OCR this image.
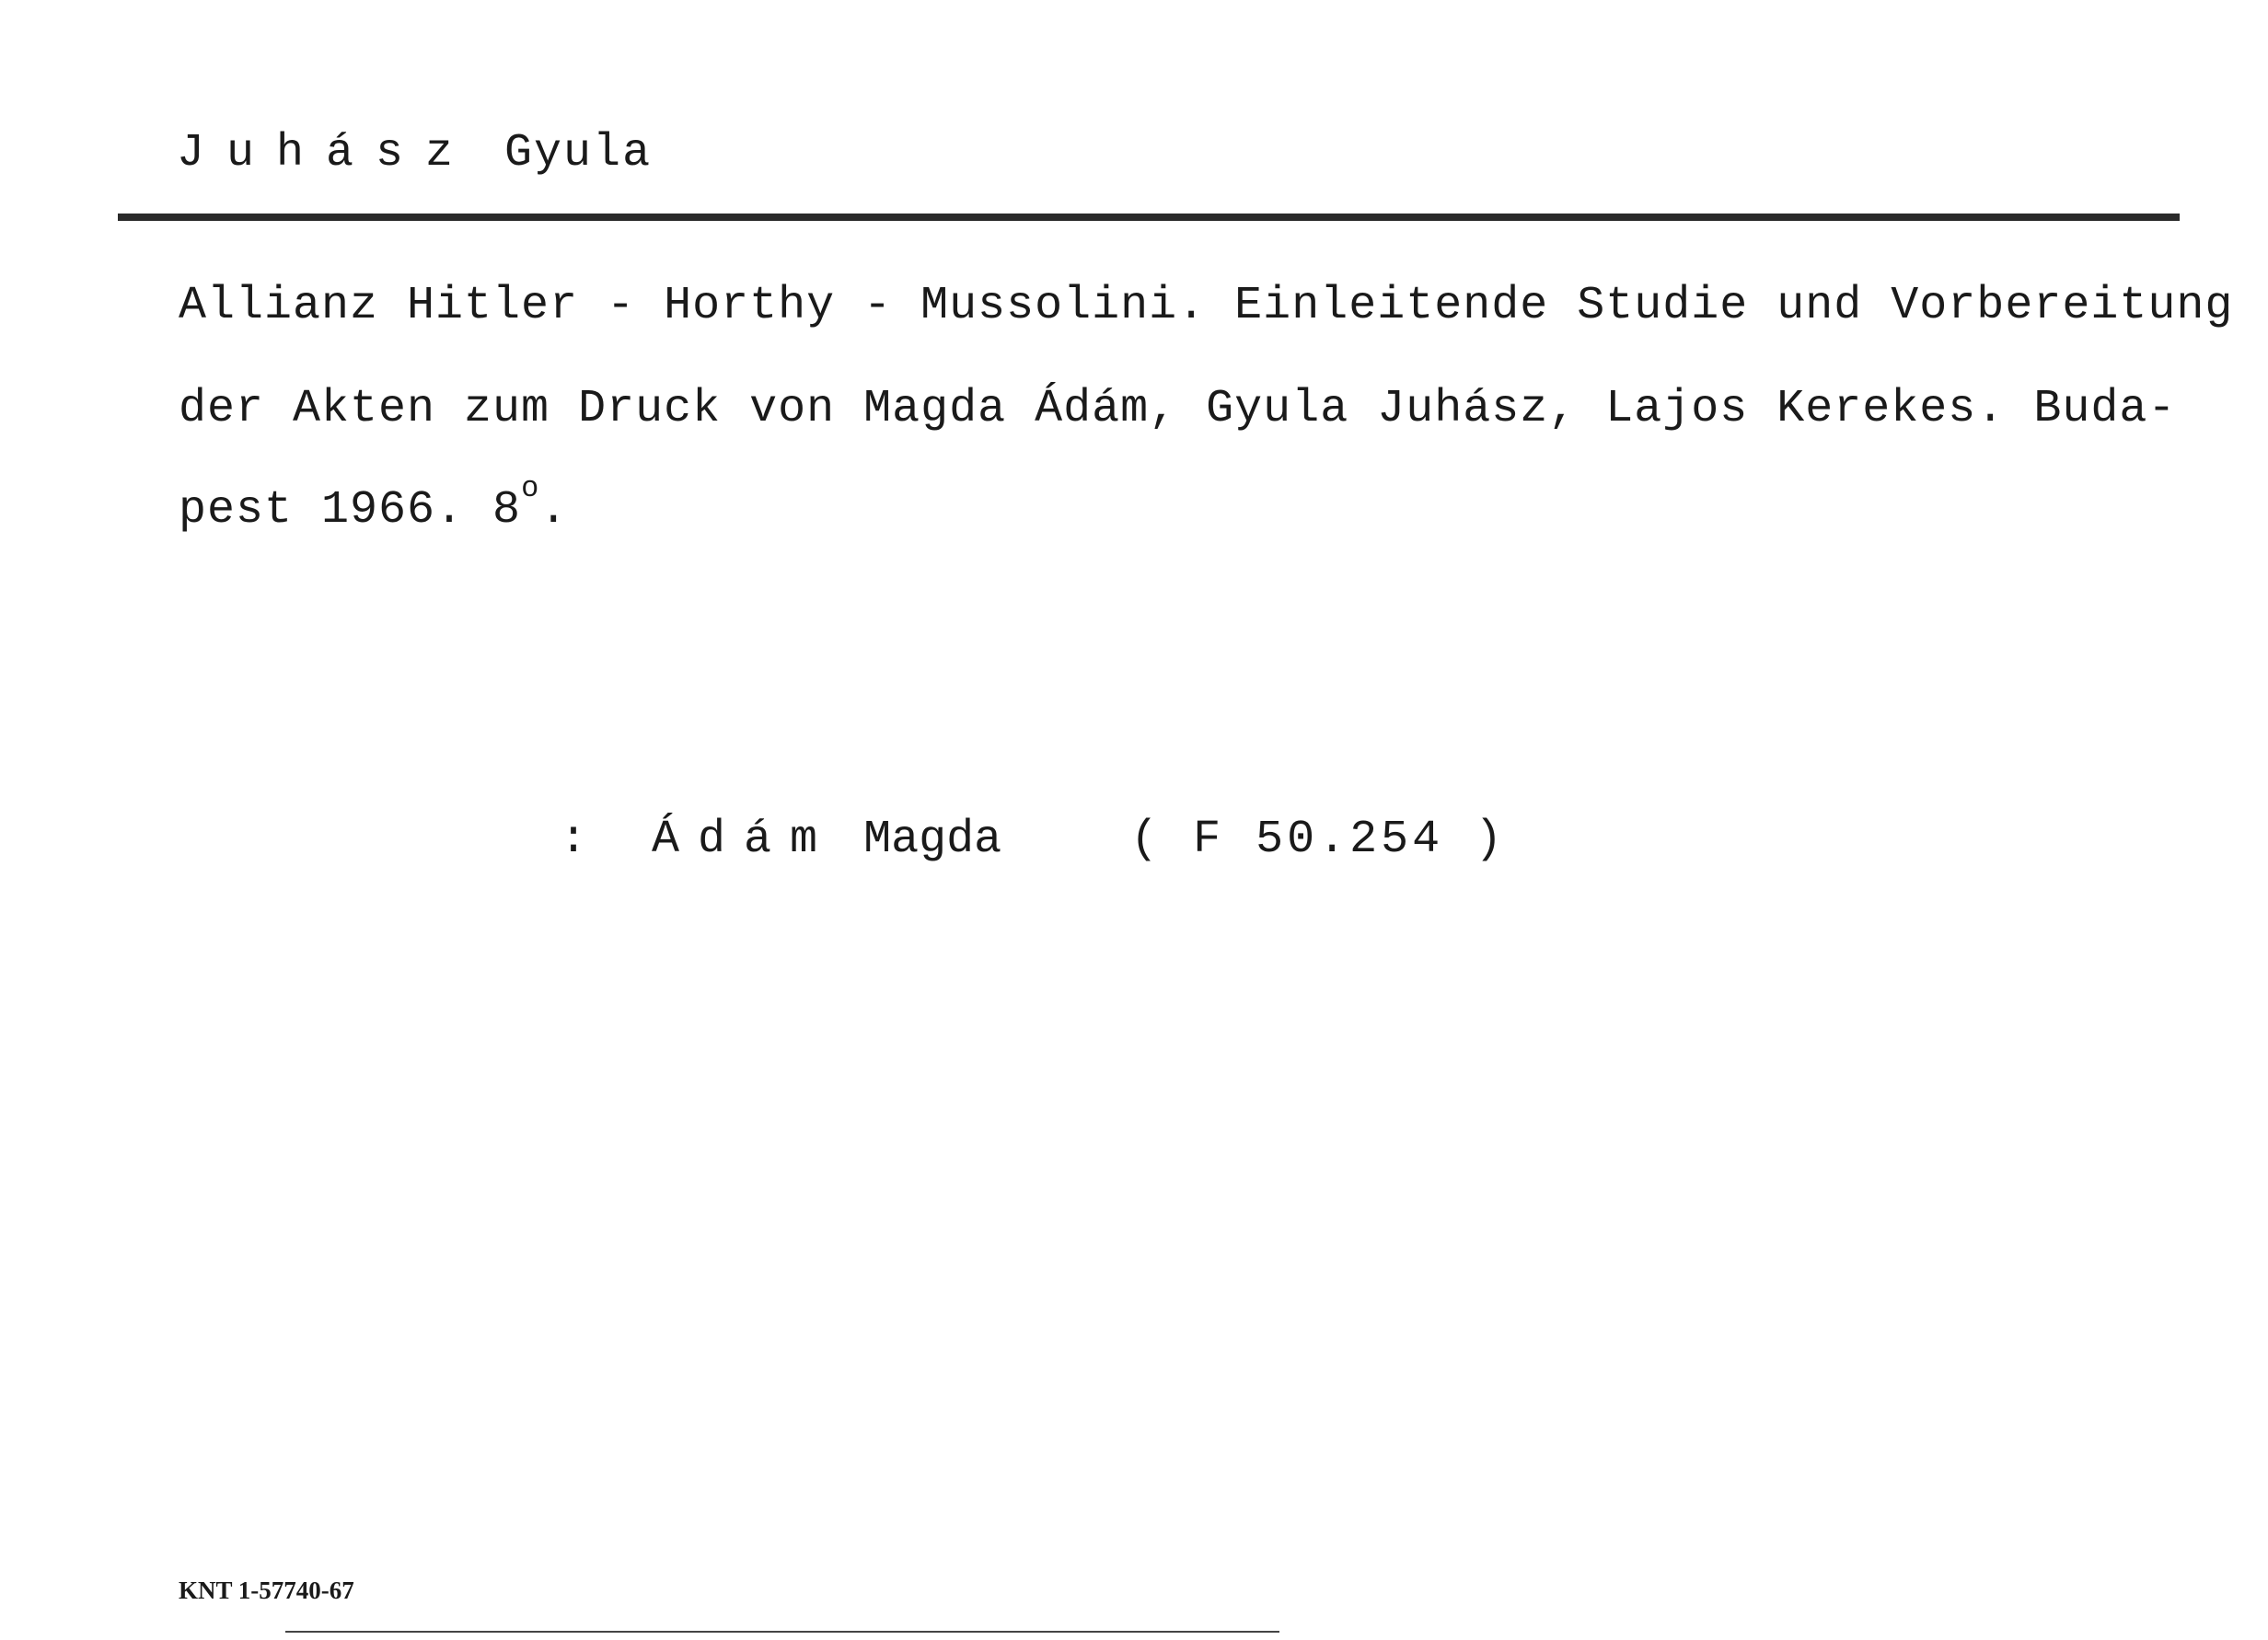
Juhász Gyula
Allianz Hitler - Horthy - Mussolini. Einleitende Studie und Vorbereitung
der Akten zum Druck von Magda Ádám, Gyula Juhász, Lajos Kerekes. Buda-
pest 1966. 8$^o$.
: Ádám Magda	( F 50.254 )
KNT 1-57740-67
